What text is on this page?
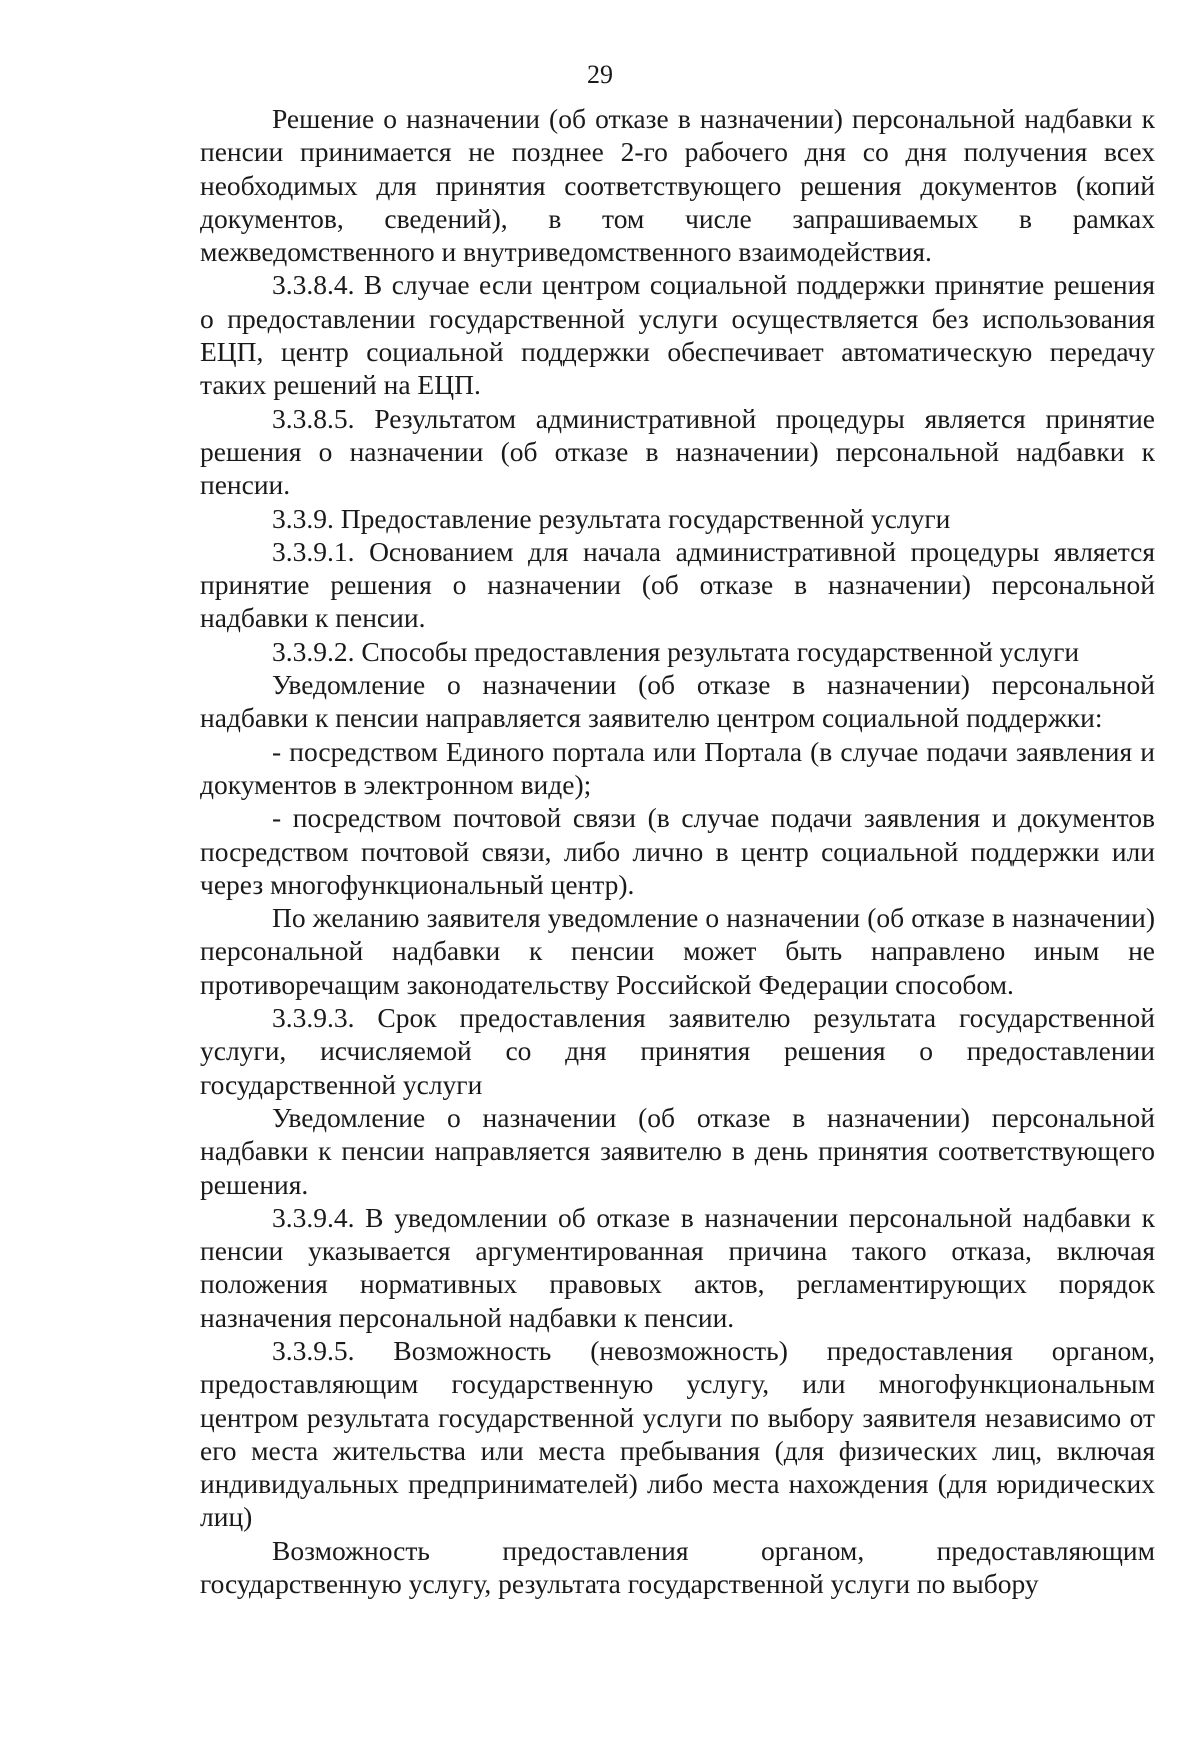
29

Решение о назначении (об отказе в назначении) персональной надбавки к пенсии принимается не позднее 2-го рабочего дня со дня получения всех необходимых для принятия соответствующего решения документов (копий документов, сведений), в том числе запрашиваемых в рамках межведомственного и внутриведомственного взаимодействия.

3.3.8.4. В случае если центром социальной поддержки принятие решения о предоставлении государственной услуги осуществляется без использования ЕЦП, центр социальной поддержки обеспечивает автоматическую передачу таких решений на ЕЦП.

3.3.8.5. Результатом административной процедуры является принятие решения о назначении (об отказе в назначении) персональной надбавки к пенсии.

3.3.9. Предоставление результата государственной услуги

3.3.9.1. Основанием для начала административной процедуры является принятие решения о назначении (об отказе в назначении) персональной надбавки к пенсии.

3.3.9.2. Способы предоставления результата государственной услуги

Уведомление о назначении (об отказе в назначении) персональной надбавки к пенсии направляется заявителю центром социальной поддержки:

- посредством Единого портала или Портала (в случае подачи заявления и документов в электронном виде);

- посредством почтовой связи (в случае подачи заявления и документов посредством почтовой связи, либо лично в центр социальной поддержки или через многофункциональный центр).

По желанию заявителя уведомление о назначении (об отказе в назначении) персональной надбавки к пенсии может быть направлено иным не противоречащим законодательству Российской Федерации способом.

3.3.9.3. Срок предоставления заявителю результата государственной услуги, исчисляемой со дня принятия решения о предоставлении государственной услуги

Уведомление о назначении (об отказе в назначении) персональной надбавки к пенсии направляется заявителю в день принятия соответствующего решения.

3.3.9.4. В уведомлении об отказе в назначении персональной надбавки к пенсии указывается аргументированная причина такого отказа, включая положения нормативных правовых актов, регламентирующих порядок назначения персональной надбавки к пенсии.

3.3.9.5. Возможность (невозможность) предоставления органом, предоставляющим государственную услугу, или многофункциональным центром результата государственной услуги по выбору заявителя независимо от его места жительства или места пребывания (для физических лиц, включая индивидуальных предпринимателей) либо места нахождения (для юридических лиц)

Возможность предоставления органом, предоставляющим государственную услугу, результата государственной услуги по выбору
